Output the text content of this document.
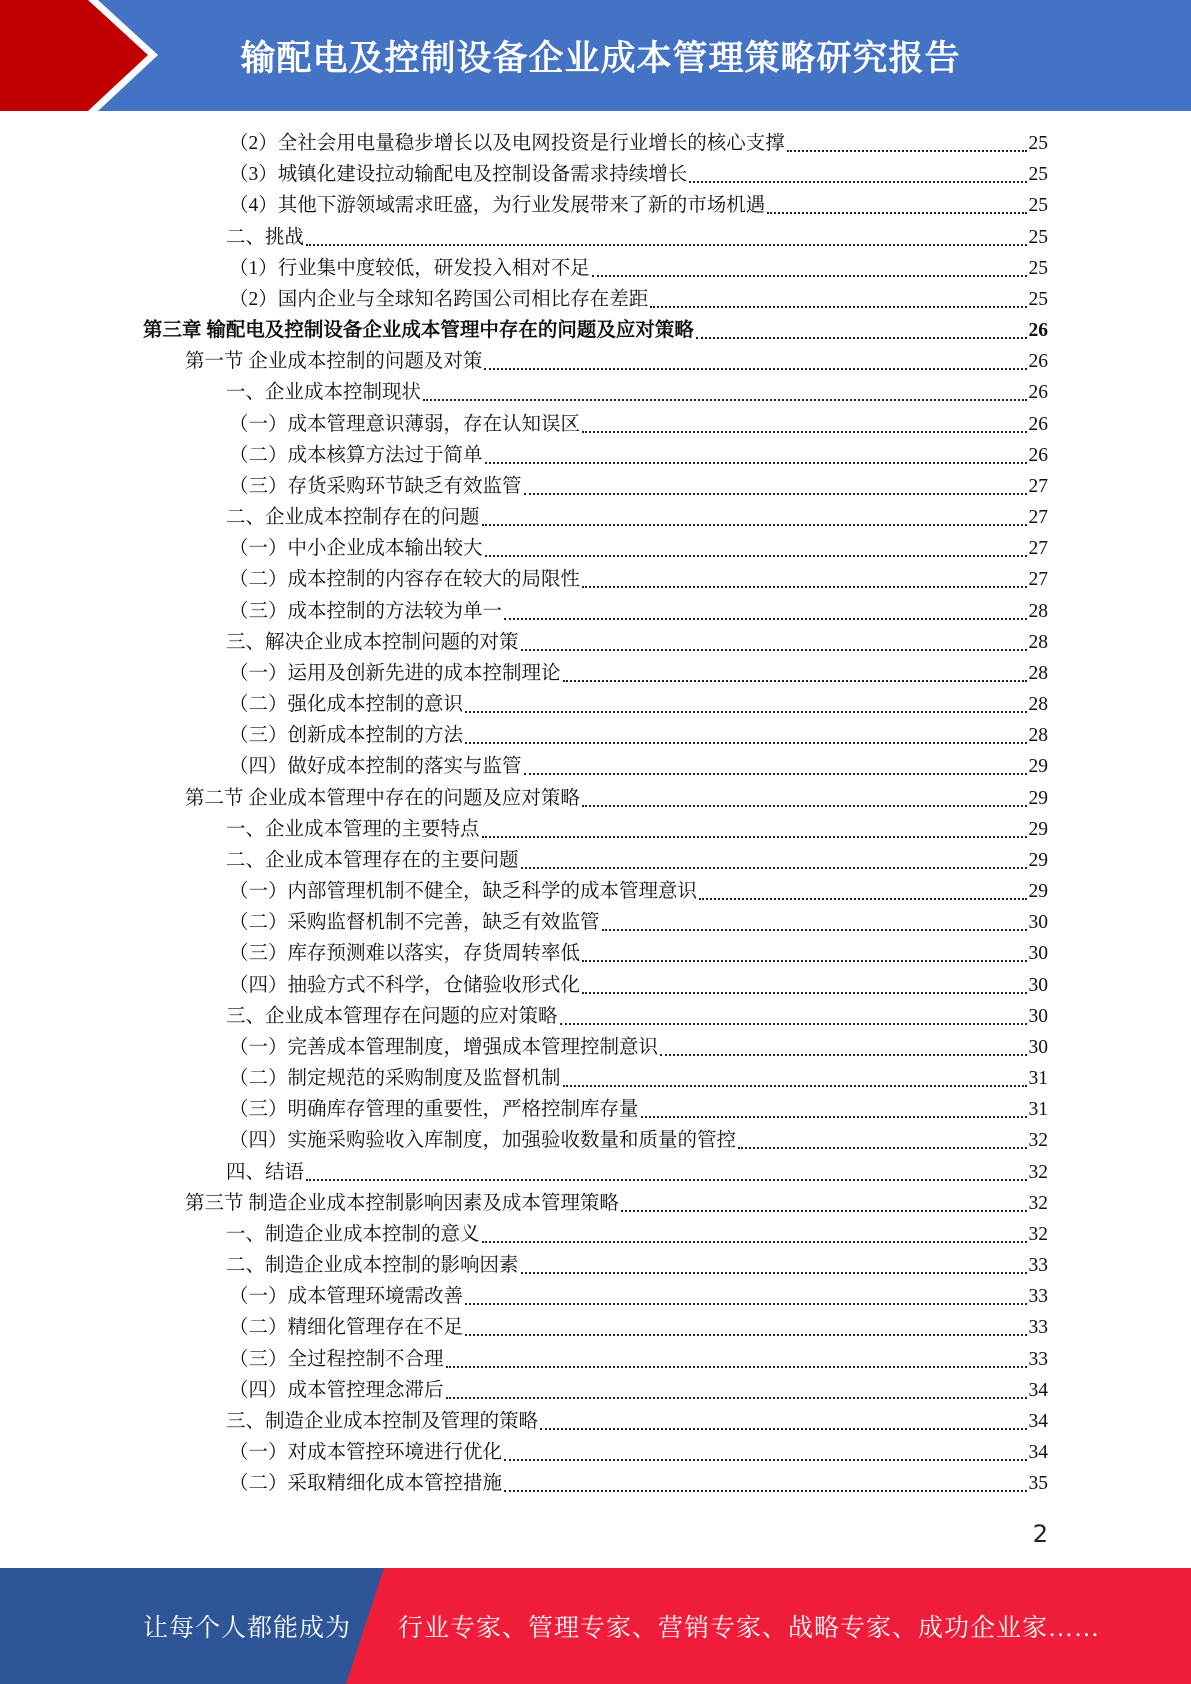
输配电及控制设备企业成本管理策略研究报告
（2）全社会用电量稳步增长以及电网投资是行业增长的核心支撑	25
（3）城镇化建设拉动输配电及控制设备需求持续增长	25
（4）其他下游领域需求旺盛，为行业发展带来了新的市场机遇	25
二、挑战	25
（1）行业集中度较低，研发投入相对不足	25
（2）国内企业与全球知名跨国公司相比存在差距	25
第三章 输配电及控制设备企业成本管理中存在的问题及应对策略	26
第一节 企业成本控制的问题及对策	26
一、企业成本控制现状	26
（一）成本管理意识薄弱，存在认知误区	26
（二）成本核算方法过于简单	26
（三）存货采购环节缺乏有效监管	27
二、企业成本控制存在的问题	27
（一）中小企业成本输出较大	27
（二）成本控制的内容存在较大的局限性	27
（三）成本控制的方法较为单一	28
三、解决企业成本控制问题的对策	28
（一）运用及创新先进的成本控制理论	28
（二）强化成本控制的意识	28
（三）创新成本控制的方法	28
（四）做好成本控制的落实与监管	29
第二节 企业成本管理中存在的问题及应对策略	29
一、企业成本管理的主要特点	29
二、企业成本管理存在的主要问题	29
（一）内部管理机制不健全，缺乏科学的成本管理意识	29
（二）采购监督机制不完善，缺乏有效监管	30
（三）库存预测难以落实，存货周转率低	30
（四）抽验方式不科学，仓储验收形式化	30
三、企业成本管理存在问题的应对策略	30
（一）完善成本管理制度，增强成本管理控制意识	30
（二）制定规范的采购制度及监督机制	31
（三）明确库存管理的重要性，严格控制库存量	31
（四）实施采购验收入库制度，加强验收数量和质量的管控	32
四、结语	32
第三节 制造企业成本控制影响因素及成本管理策略	32
一、制造企业成本控制的意义	32
二、制造企业成本控制的影响因素	33
（一）成本管理环境需改善	33
（二）精细化管理存在不足	33
（三）全过程控制不合理	33
（四）成本管控理念滞后	34
三、制造企业成本控制及管理的策略	34
（一）对成本管控环境进行优化	34
（二）采取精细化成本管控措施	35
2
让每个人都能成为 行业专家、管理专家、营销专家、战略专家、成功企业家……
